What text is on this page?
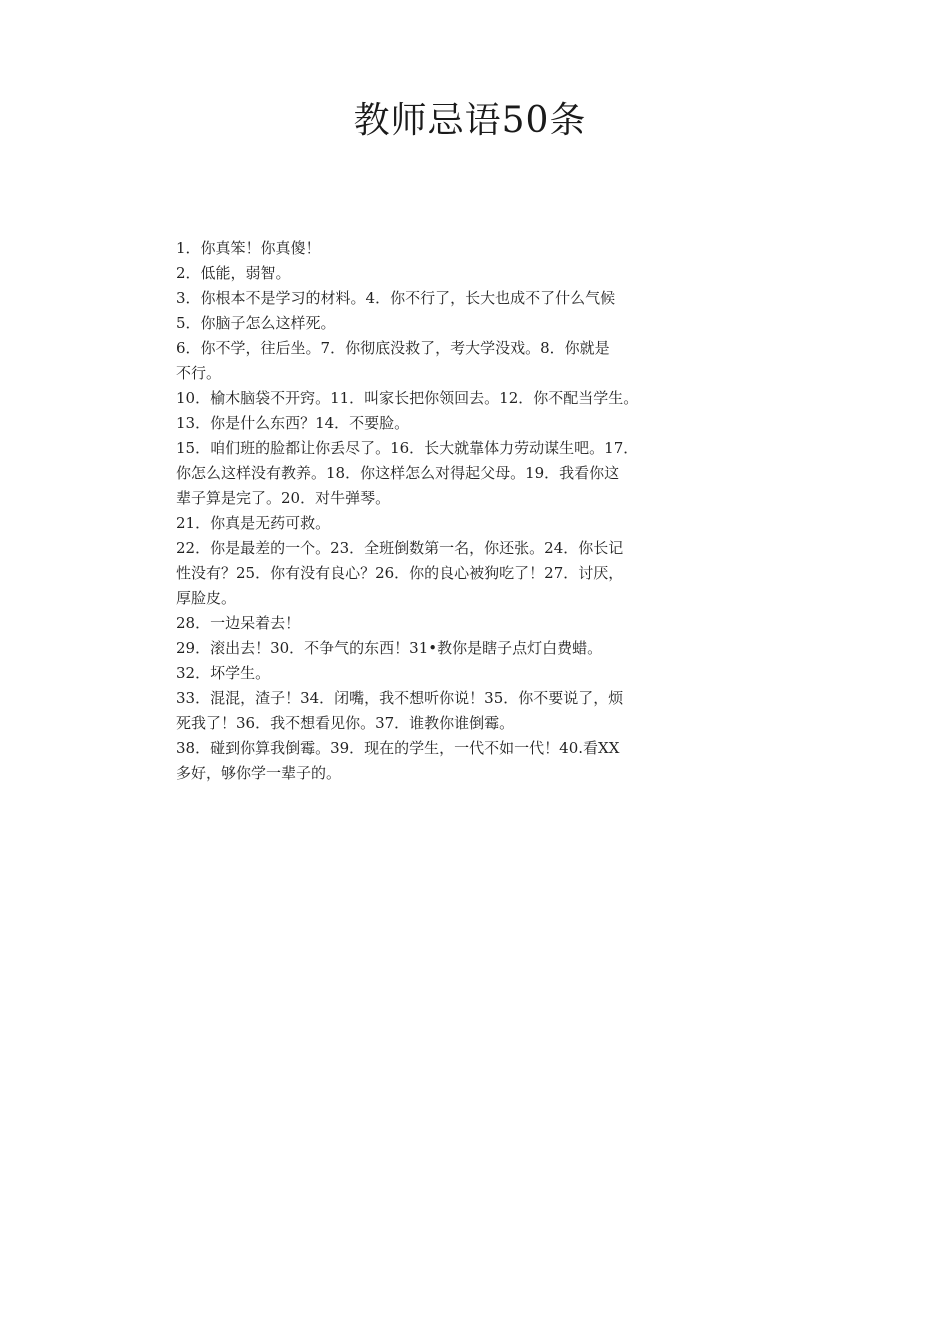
教师忌语50条

1．你真笨！你真傻！

2．低能，弱智。

3．你根本不是学习的材料。4．你不行了，长大也成不了什么气候

5．你脑子怎么这样死。

6．你不学，往后坐。7．你彻底没救了，考大学没戏。8．你就是
不行。

10．榆木脑袋不开窍。11．叫家长把你领回去。12．你不配当学生。

13．你是什么东西？14．不要脸。

15．咱们班的脸都让你丢尽了。16．长大就靠体力劳动谋生吧。17．
你怎么这样没有教养。18．你这样怎么对得起父母。19．我看你这
辈子算是完了。20．对牛弹琴。

21．你真是无药可救。

22．你是最差的一个。23．全班倒数第一名，你还张。24．你长记
性没有？25．你有没有良心？26．你的良心被狗吃了！27．讨厌，
厚脸皮。

28．一边呆着去！

29．滚出去！30．不争气的东西！31•教你是瞎子点灯白费蜡。

32．坏学生。

33．混混，渣子！34．闭嘴，我不想听你说！35．你不要说了，烦
死我了！36．我不想看见你。37．谁教你谁倒霉。

38．碰到你算我倒霉。39．现在的学生，一代不如一代！40.看XX
多好，够你学一辈子的。
